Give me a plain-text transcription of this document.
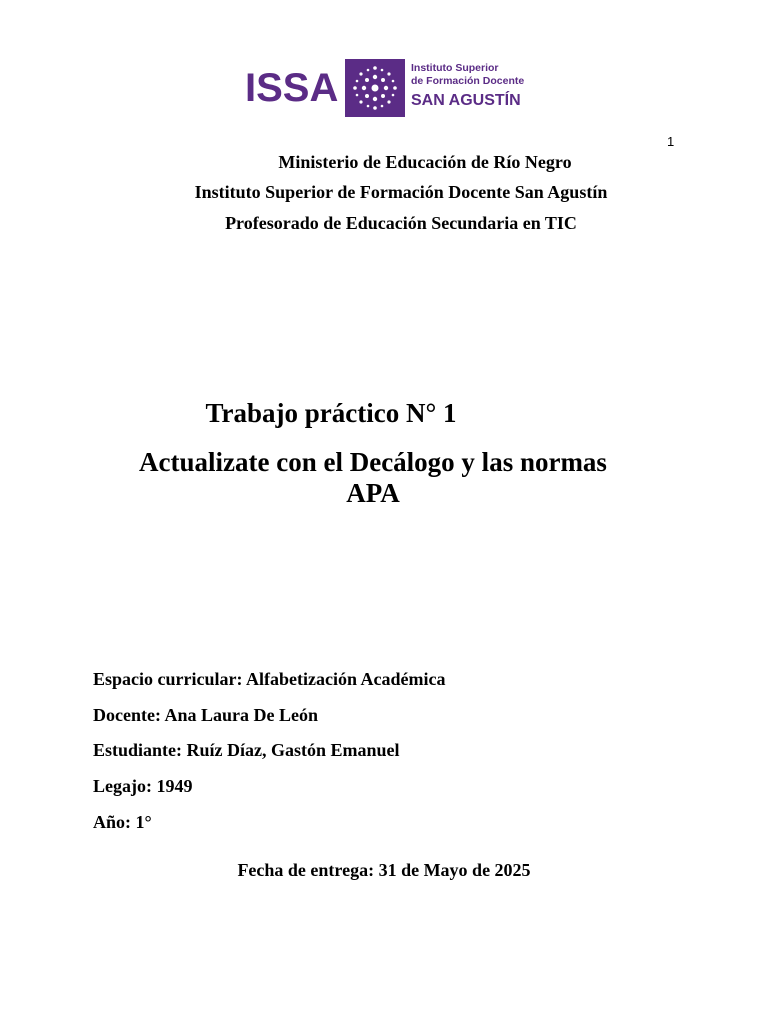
ISSA	Instituto Superior
de Formación Docente
SAN AGUSTÍN
1
Ministerio de Educación de Río Negro
Instituto Superior de Formación Docente San Agustín
Profesorado de Educación Secundaria en TIC
Trabajo práctico N° 1
Actualizate con el Decálogo y las normas
APA
Espacio curricular: Alfabetización Académica
Docente: Ana Laura De León
Estudiante: Ruíz Díaz, Gastón Emanuel
Legajo: 1949
Año: 1°
Fecha de entrega: 31 de Mayo de 2025
